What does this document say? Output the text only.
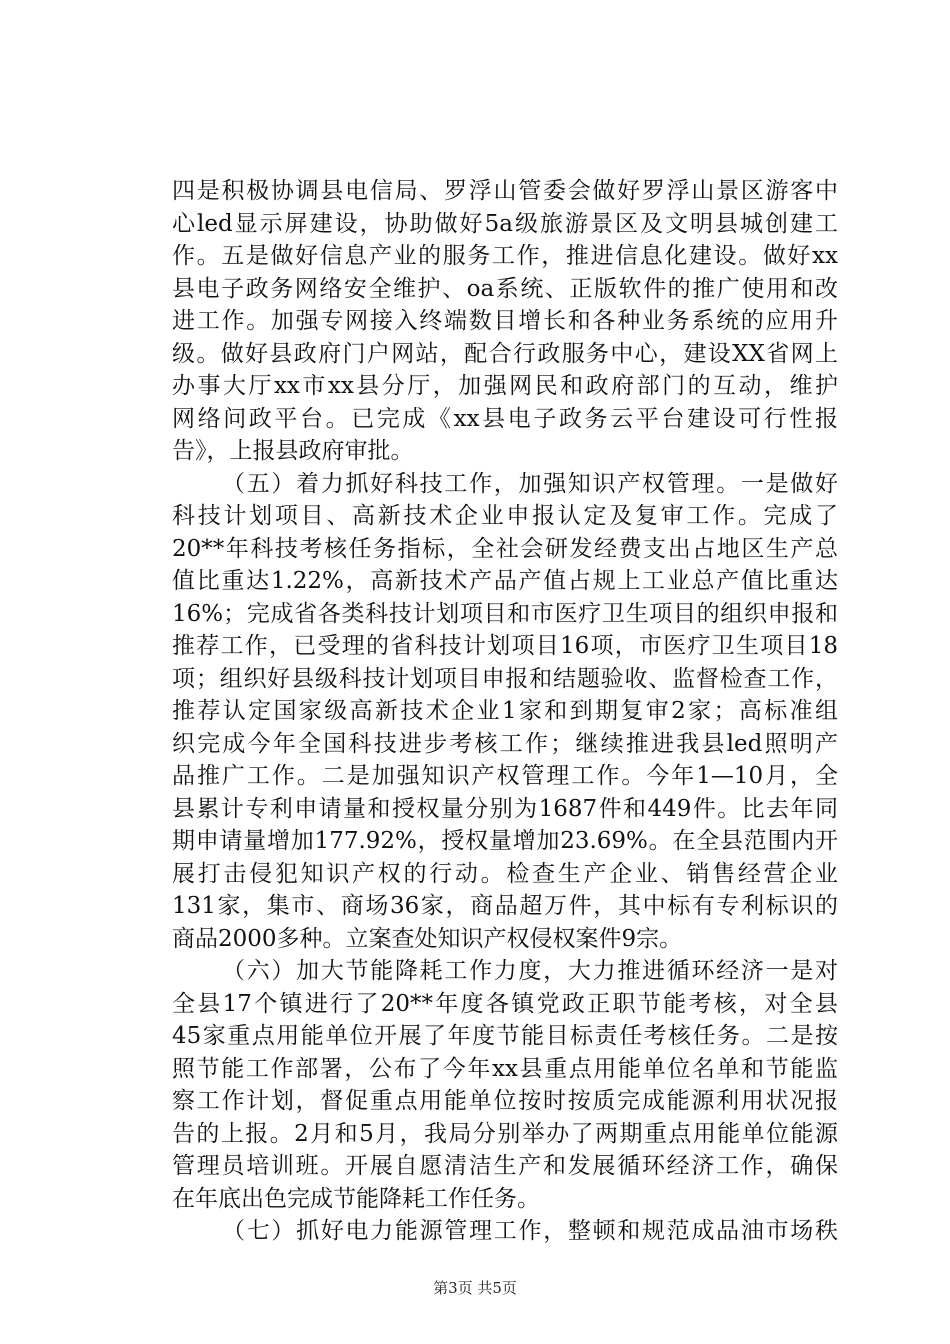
四是积极协调县电信局、罗浮山管委会做好罗浮山景区游客中
心led显示屏建设，协助做好5a级旅游景区及文明县城创建工
作。五是做好信息产业的服务工作，推进信息化建设。做好xx
县电子政务网络安全维护、oa系统、正版软件的推广使用和改
进工作。加强专网接入终端数目增长和各种业务系统的应用升
级。做好县政府门户网站，配合行政服务中心，建设XX省网上
办事大厅xx市xx县分厅，加强网民和政府部门的互动，维护
网络问政平台。已完成《xx县电子政务云平台建设可行性报
告》，上报县政府审批。
（五）着力抓好科技工作，加强知识产权管理。一是做好
科技计划项目、高新技术企业申报认定及复审工作。完成了
20**年科技考核任务指标，全社会研发经费支出占地区生产总
值比重达1.22%，高新技术产品产值占规上工业总产值比重达
16%；完成省各类科技计划项目和市医疗卫生项目的组织申报和
推荐工作，已受理的省科技计划项目16项，市医疗卫生项目18
项；组织好县级科技计划项目申报和结题验收、监督检查工作，
推荐认定国家级高新技术企业1家和到期复审2家；高标准组
织完成今年全国科技进步考核工作；继续推进我县led照明产
品推广工作。二是加强知识产权管理工作。今年1—10月，全
县累计专利申请量和授权量分别为1687件和449件。比去年同
期申请量增加177.92%，授权量增加23.69%。在全县范围内开
展打击侵犯知识产权的行动。检查生产企业、销售经营企业
131家，集市、商场36家，商品超万件，其中标有专利标识的
商品2000多种。立案查处知识产权侵权案件9宗。
（六）加大节能降耗工作力度，大力推进循环经济一是对
全县17个镇进行了20**年度各镇党政正职节能考核，对全县
45家重点用能单位开展了年度节能目标责任考核任务。二是按
照节能工作部署，公布了今年xx县重点用能单位名单和节能监
察工作计划，督促重点用能单位按时按质完成能源利用状况报
告的上报。2月和5月，我局分别举办了两期重点用能单位能源
管理员培训班。开展自愿清洁生产和发展循环经济工作，确保
在年底出色完成节能降耗工作任务。
（七）抓好电力能源管理工作，整顿和规范成品油市场秩
第3页 共5页
